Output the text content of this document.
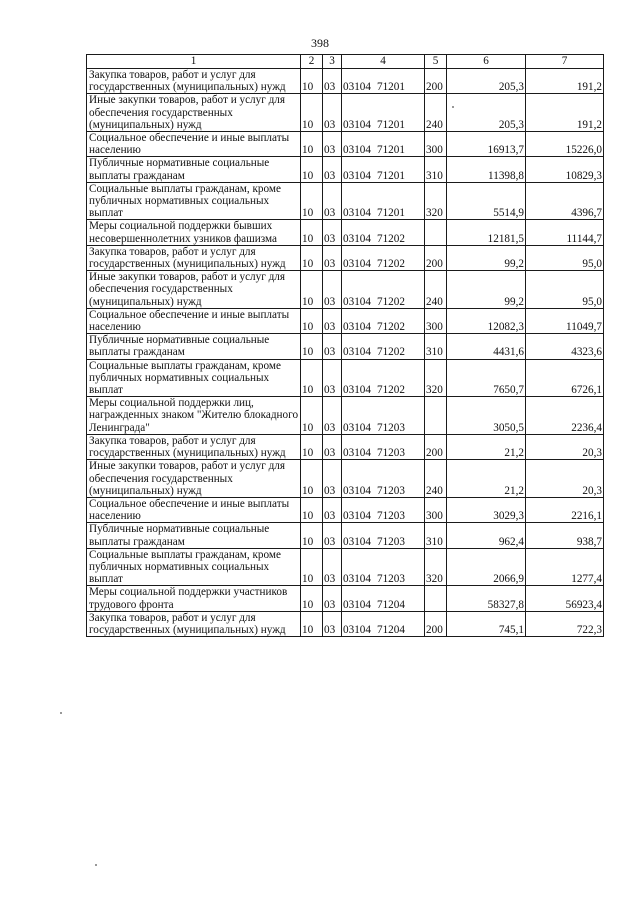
398
1	2	3	4	5	6	7
Закупка товаров, работ и услуг для государственных (муниципальных) нужд	10	03	03104 71201	200	205,3	191,2
Иные закупки товаров, работ и услуг для обеспечения государственных (муниципальных) нужд	10	03	03104 71201	240	205,3	191,2
Социальное обеспечение и иные выплаты населению	10	03	03104 71201	300	16913,7	15226,0
Публичные нормативные социальные выплаты гражданам	10	03	03104 71201	310	11398,8	10829,3
Социальные выплаты гражданам, кроме публичных нормативных социальных выплат	10	03	03104 71201	320	5514,9	4396,7
Меры социальной поддержки бывших несовершеннолетних узников фашизма	10	03	03104 71202		12181,5	11144,7
Закупка товаров, работ и услуг для государственных (муниципальных) нужд	10	03	03104 71202	200	99,2	95,0
Иные закупки товаров, работ и услуг для обеспечения государственных (муниципальных) нужд	10	03	03104 71202	240	99,2	95,0
Социальное обеспечение и иные выплаты населению	10	03	03104 71202	300	12082,3	11049,7
Публичные нормативные социальные выплаты гражданам	10	03	03104 71202	310	4431,6	4323,6
Социальные выплаты гражданам, кроме публичных нормативных социальных выплат	10	03	03104 71202	320	7650,7	6726,1
Меры социальной поддержки лиц, награжденных знаком "Жителю блокадного Ленинграда"	10	03	03104 71203		3050,5	2236,4
Закупка товаров, работ и услуг для государственных (муниципальных) нужд	10	03	03104 71203	200	21,2	20,3
Иные закупки товаров, работ и услуг для обеспечения государственных (муниципальных) нужд	10	03	03104 71203	240	21,2	20,3
Социальное обеспечение и иные выплаты населению	10	03	03104 71203	300	3029,3	2216,1
Публичные нормативные социальные выплаты гражданам	10	03	03104 71203	310	962,4	938,7
Социальные выплаты гражданам, кроме публичных нормативных социальных выплат	10	03	03104 71203	320	2066,9	1277,4
Меры социальной поддержки участников трудового фронта	10	03	03104 71204		58327,8	56923,4
Закупка товаров, работ и услуг для государственных (муниципальных) нужд	10	03	03104 71204	200	745,1	722,3
